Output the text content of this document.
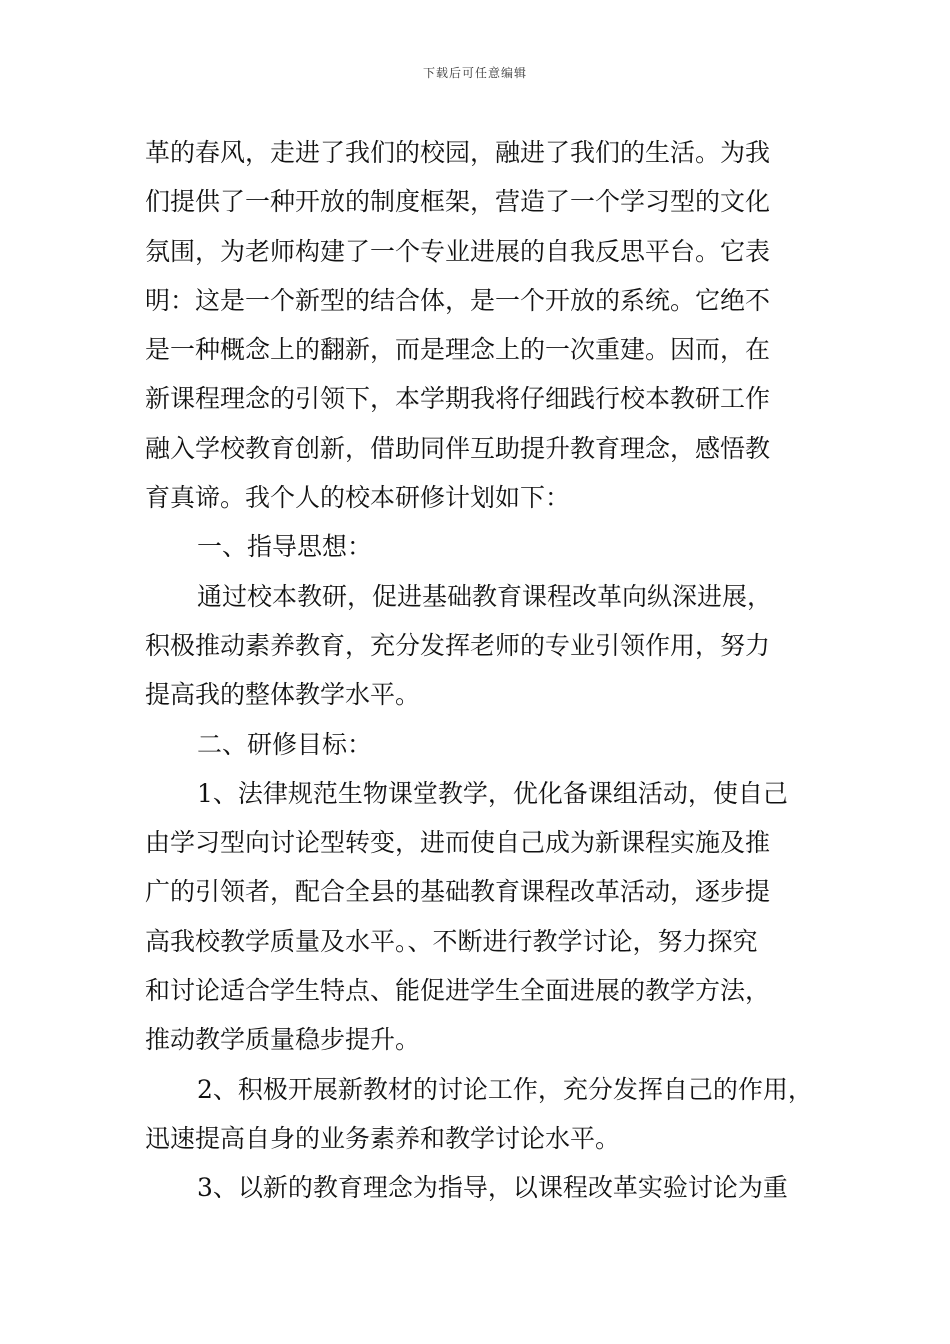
下载后可任意编辑
革的春风，走进了我们的校园，融进了我们的生活。为我
们提供了一种开放的制度框架，营造了一个学习型的文化
氛围，为老师构建了一个专业进展的自我反思平台。它表
明：这是一个新型的结合体，是一个开放的系统。它绝不
是一种概念上的翻新，而是理念上的一次重建。因而，在
新课程理念的引领下，本学期我将仔细践行校本教研工作
融入学校教育创新，借助同伴互助提升教育理念，感悟教
育真谛。我个人的校本研修计划如下：
一、指导思想：
通过校本教研，促进基础教育课程改革向纵深进展，
积极推动素养教育，充分发挥老师的专业引领作用，努力
提高我的整体教学水平。
二、研修目标：
1、法律规范生物课堂教学，优化备课组活动，使自己
由学习型向讨论型转变，进而使自己成为新课程实施及推
广的引领者，配合全县的基础教育课程改革活动，逐步提
高我校教学质量及水平。、不断进行教学讨论，努力探究
和讨论适合学生特点、能促进学生全面进展的教学方法，
推动教学质量稳步提升。
2、积极开展新教材的讨论工作，充分发挥自己的作用，
迅速提高自身的业务素养和教学讨论水平。
3、以新的教育理念为指导，以课程改革实验讨论为重
